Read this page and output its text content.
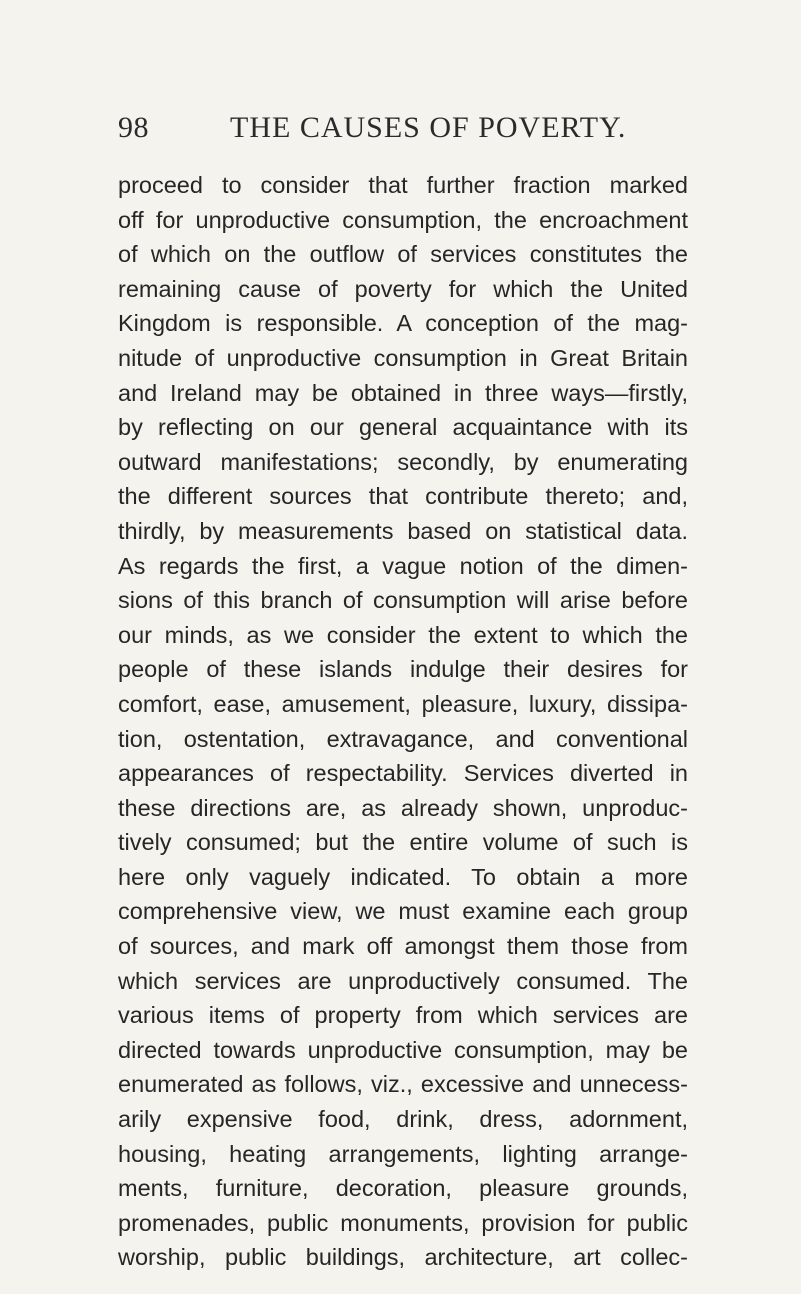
98	THE CAUSES OF POVERTY.
proceed to consider that further fraction marked
off for unproductive consumption, the encroachment
of which on the outflow of services constitutes the
remaining cause of poverty for which the United
Kingdom is responsible. A conception of the mag-
nitude of unproductive consumption in Great Britain
and Ireland may be obtained in three ways—firstly,
by reflecting on our general acquaintance with its
outward manifestations; secondly, by enumerating
the different sources that contribute thereto; and,
thirdly, by measurements based on statistical data.
As regards the first, a vague notion of the dimen-
sions of this branch of consumption will arise before
our minds, as we consider the extent to which the
people of these islands indulge their desires for
comfort, ease, amusement, pleasure, luxury, dissipa-
tion, ostentation, extravagance, and conventional
appearances of respectability. Services diverted in
these directions are, as already shown, unproduc-
tively consumed; but the entire volume of such is
here only vaguely indicated. To obtain a more
comprehensive view, we must examine each group
of sources, and mark off amongst them those from
which services are unproductively consumed. The
various items of property from which services are
directed towards unproductive consumption, may be
enumerated as follows, viz., excessive and unnecess-
arily expensive food, drink, dress, adornment,
housing, heating arrangements, lighting arrange-
ments, furniture, decoration, pleasure grounds,
promenades, public monuments, provision for public
worship, public buildings, architecture, art collec-
